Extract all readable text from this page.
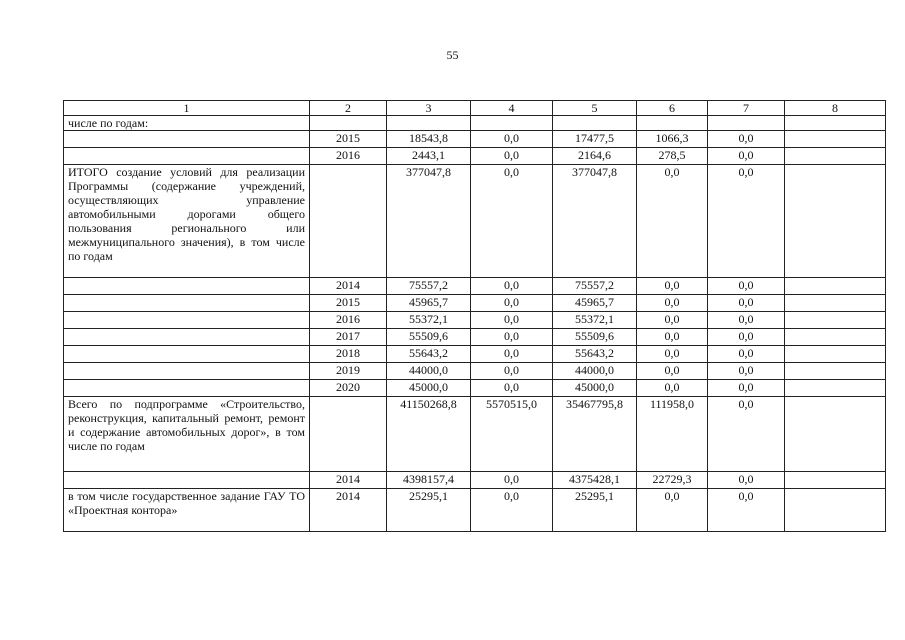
55
1	2	3	4	5	6	7	8
числе по годам:							
	2015	18543,8	0,0	17477,5	1066,3	0,0	
	2016	2443,1	0,0	2164,6	278,5	0,0	
ИТОГО создание условий для реализации Программы (содержание учреждений, осуществляющих управление автомобильными дорогами общего пользования регионального или межмуниципального значения), в том числе по годам		377047,8	0,0	377047,8	0,0	0,0	
	2014	75557,2	0,0	75557,2	0,0	0,0	
	2015	45965,7	0,0	45965,7	0,0	0,0	
	2016	55372,1	0,0	55372,1	0,0	0,0	
	2017	55509,6	0,0	55509,6	0,0	0,0	
	2018	55643,2	0,0	55643,2	0,0	0,0	
	2019	44000,0	0,0	44000,0	0,0	0,0	
	2020	45000,0	0,0	45000,0	0,0	0,0	
Всего по подпрограмме «Строительство, реконструкция, капитальный ремонт, ремонт и содержание автомобильных дорог», в том числе по годам		41150268,8	5570515,0	35467795,8	111958,0	0,0	
	2014	4398157,4	0,0	4375428,1	22729,3	0,0	
в том числе государственное задание ГАУ ТО «Проектная контора»	2014	25295,1	0,0	25295,1	0,0	0,0	
